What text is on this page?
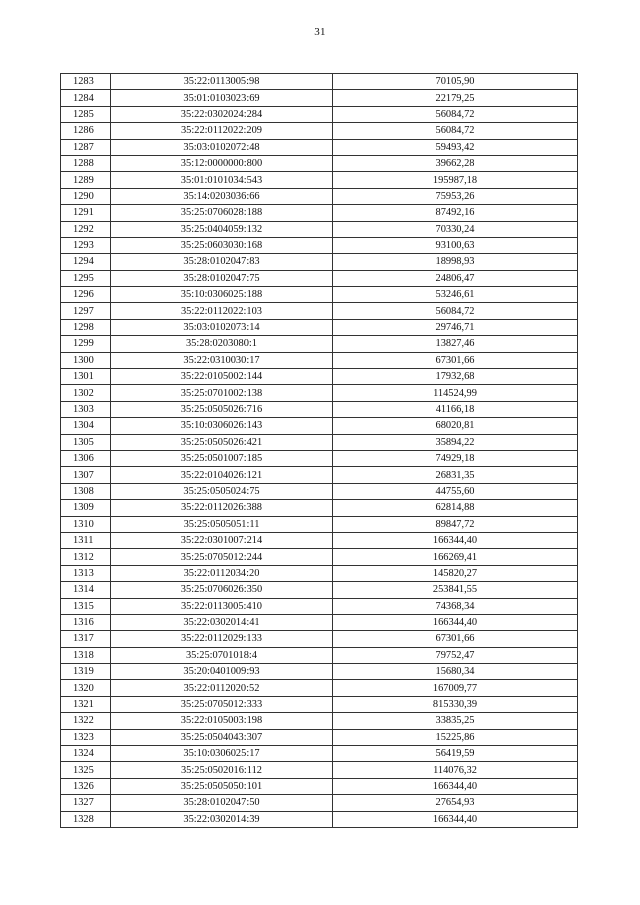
31
1283	35:22:0113005:98	70105,90
1284	35:01:0103023:69	22179,25
1285	35:22:0302024:284	56084,72
1286	35:22:0112022:209	56084,72
1287	35:03:0102072:48	59493,42
1288	35:12:0000000:800	39662,28
1289	35:01:0101034:543	195987,18
1290	35:14:0203036:66	75953,26
1291	35:25:0706028:188	87492,16
1292	35:25:0404059:132	70330,24
1293	35:25:0603030:168	93100,63
1294	35:28:0102047:83	18998,93
1295	35:28:0102047:75	24806,47
1296	35:10:0306025:188	53246,61
1297	35:22:0112022:103	56084,72
1298	35:03:0102073:14	29746,71
1299	35:28:0203080:1	13827,46
1300	35:22:0310030:17	67301,66
1301	35:22:0105002:144	17932,68
1302	35:25:0701002:138	114524,99
1303	35:25:0505026:716	41166,18
1304	35:10:0306026:143	68020,81
1305	35:25:0505026:421	35894,22
1306	35:25:0501007:185	74929,18
1307	35:22:0104026:121	26831,35
1308	35:25:0505024:75	44755,60
1309	35:22:0112026:388	62814,88
1310	35:25:0505051:11	89847,72
1311	35:22:0301007:214	166344,40
1312	35:25:0705012:244	166269,41
1313	35:22:0112034:20	145820,27
1314	35:25:0706026:350	253841,55
1315	35:22:0113005:410	74368,34
1316	35:22:0302014:41	166344,40
1317	35:22:0112029:133	67301,66
1318	35:25:0701018:4	79752,47
1319	35:20:0401009:93	15680,34
1320	35:22:0112020:52	167009,77
1321	35:25:0705012:333	815330,39
1322	35:22:0105003:198	33835,25
1323	35:25:0504043:307	15225,86
1324	35:10:0306025:17	56419,59
1325	35:25:0502016:112	114076,32
1326	35:25:0505050:101	166344,40
1327	35:28:0102047:50	27654,93
1328	35:22:0302014:39	166344,40
